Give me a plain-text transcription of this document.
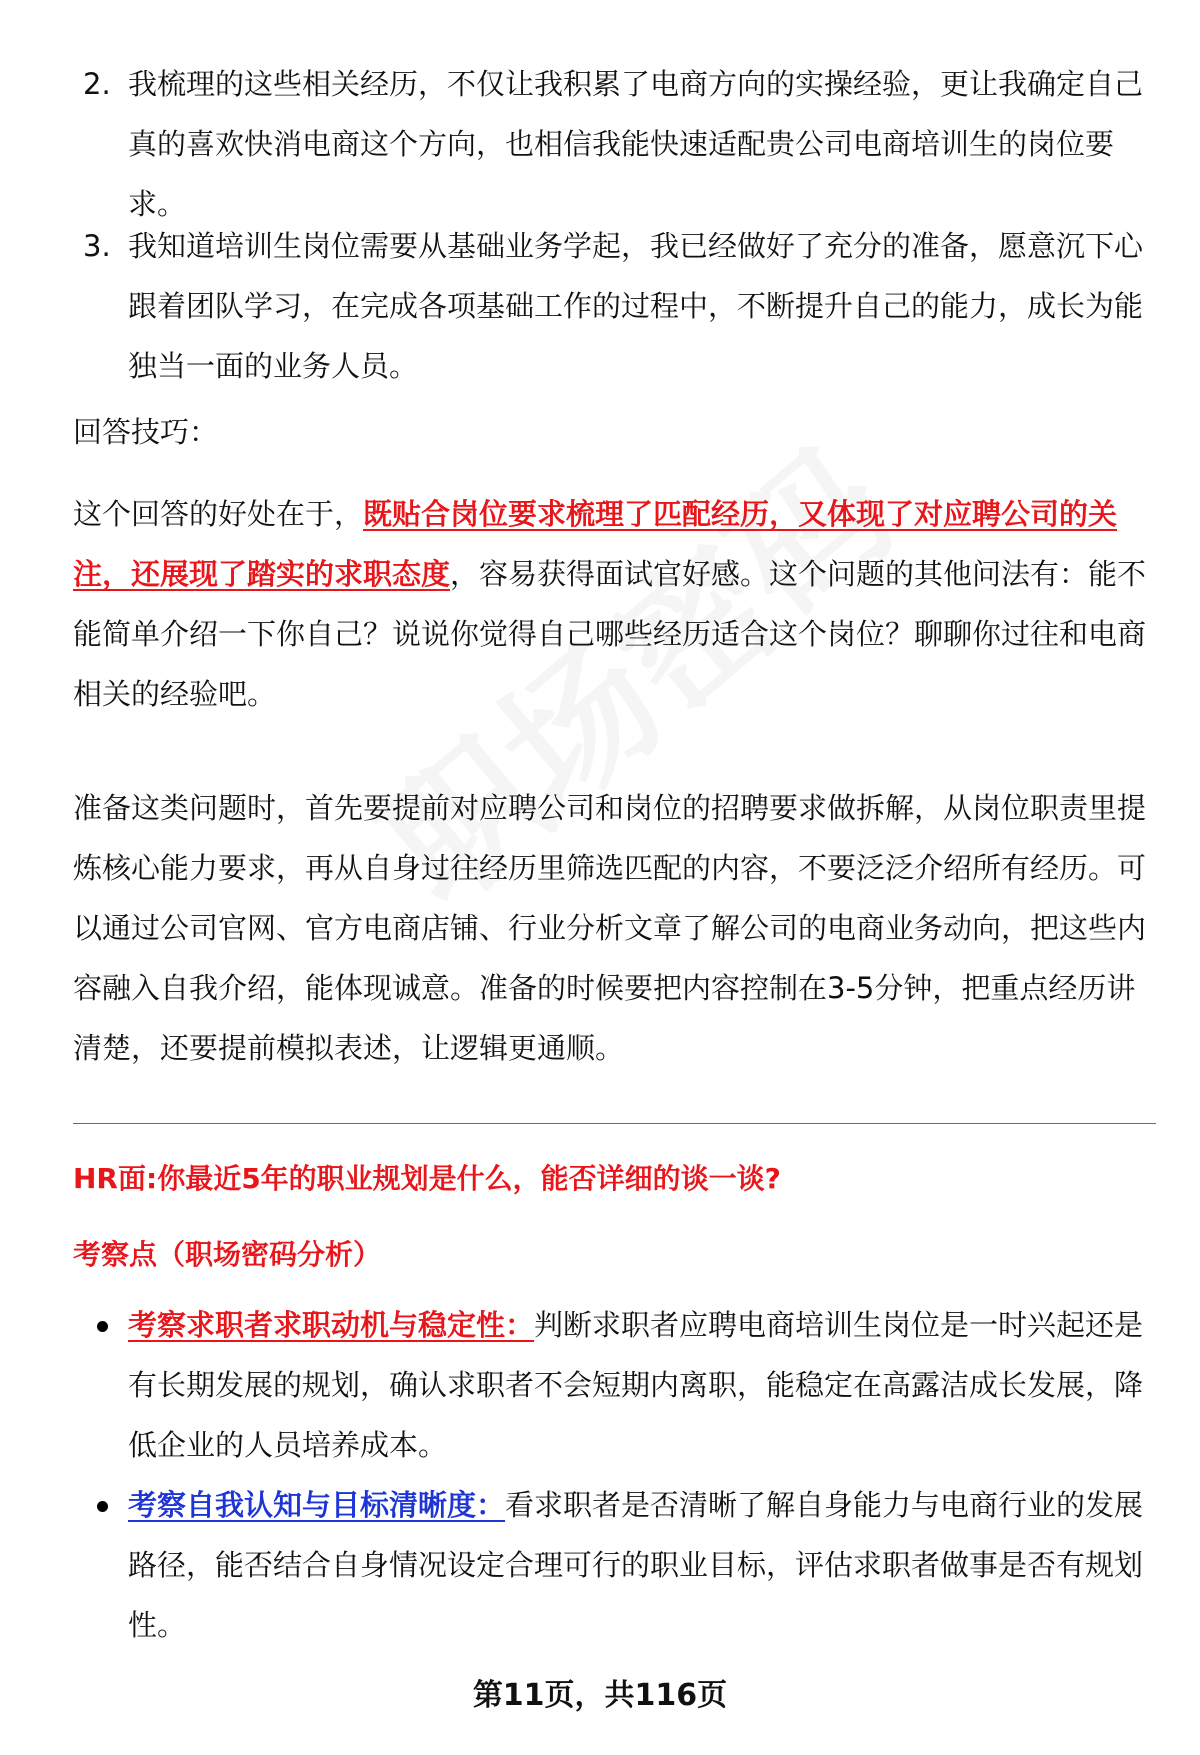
2. 我梳理的这些相关经历，不仅让我积累了电商方向的实操经验，更让我确定自己真的喜欢快消电商这个方向，也相信我能快速适配贵公司电商培训生的岗位要求。
3. 我知道培训生岗位需要从基础业务学起，我已经做好了充分的准备，愿意沉下心跟着团队学习，在完成各项基础工作的过程中，不断提升自己的能力，成长为能独当一面的业务人员。
回答技巧：
这个回答的好处在于，既贴合岗位要求梳理了匹配经历，又体现了对应聘公司的关注，还展现了踏实的求职态度，容易获得面试官好感。这个问题的其他问法有：能不能简单介绍一下你自己？说说你觉得自己哪些经历适合这个岗位？聊聊你过往和电商相关的经验吧。
准备这类问题时，首先要提前对应聘公司和岗位的招聘要求做拆解，从岗位职责里提炼核心能力要求，再从自身过往经历里筛选匹配的内容，不要泛泛介绍所有经历。可以通过公司官网、官方电商店铺、行业分析文章了解公司的电商业务动向，把这些内容融入自我介绍，能体现诚意。准备的时候要把内容控制在3-5分钟，把重点经历讲清楚，还要提前模拟表述，让逻辑更通顺。
HR面:你最近5年的职业规划是什么，能否详细的谈一谈?
考察点（职场密码分析）
考察求职者求职动机与稳定性：判断求职者应聘电商培训生岗位是一时兴起还是有长期发展的规划，确认求职者不会短期内离职，能稳定在高露洁成长发展，降低企业的人员培养成本。
考察自我认知与目标清晰度：看求职者是否清晰了解自身能力与电商行业的发展路径，能否结合自身情况设定合理可行的职业目标，评估求职者做事是否有规划性。
第11页，共116页
